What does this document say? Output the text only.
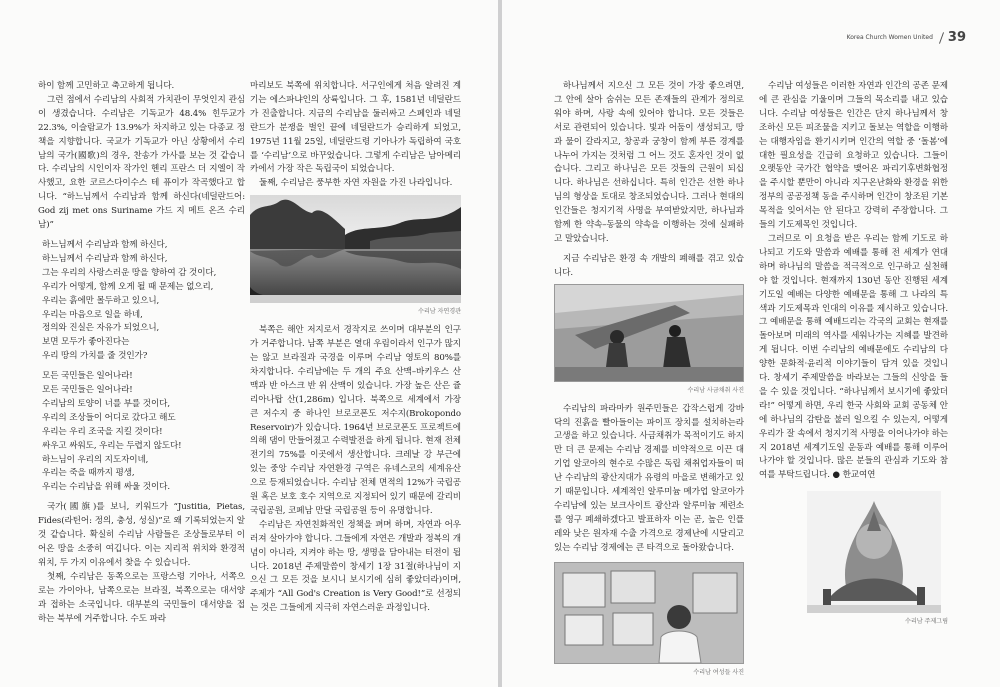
하이 함께 고민하고 축고하게 됩니다.

그런 점에서 수리남의 사회적 가치관이 무엇인지 관심이 생겼습니다. 수리남은 기독교가 48.4% 힌두교가 22.3%, 이슬람교가 13.9%가 차지하고 있는 다종교 정책을 지향합니다. 국교가 기독교가 아닌 상황에서 수리남의 국가(國歌)의 경우, 찬송가 가사를 보는 것 같습니다. 수리남의 시인이자 작가인 헨리 프란스 더 지엘이 작사했고, 요한 코르스다이수스 테 퓨이가 작곡했다고 합니다. “하느님께서 수리남과 함께 하신다(네덜란드어: God zij met ons Suriname 가드 지 메트 온즈 수리남)”

하느님께서 수리남과 함께 하신다,
하느님께서 수리남과 함께 하신다,
그는 우리의 사랑스러운 땅을 향하여 감 것이다,
우리가 어떻게, 함께 오게 될 때 문제는 없으리,
우리는 흙에만 몰두하고 있으니,
우리는 마음으로 일을 하네,
정의와 진실은 자유가 되었으니,
보면 모두가 좋아진다는
우리 땅의 가치를 줄 것인가?
모든 국민들은 일어나라!
모든 국민들은 일어나라!
수리남의 토양이 너를 부를 것이다,
우리의 조상들이 어디로 갔다고 해도
우리는 우리 조국을 지킬 것이다!
싸우고 싸워도, 우리는 두렵지 않도다!
하느님이 우리의 지도자이네,
우리는 죽을 때까지 평생,
우리는 수리남을 위해 싸울 것이다.

국가(國旗)를 보니, 키워드가 “Justitia, Pietas, Fides(라틴어: 정의, 충성, 성실)”로 왜 기록되었는지 알 것 같습니다. 확실히 수리남 사람들은 조상들로부터 이어온 땅을 소중히 여깁니다. 이는 지리적 위치와 환경적 위치, 두 가지 이유에서 찾을 수 있습니다.

첫째, 수리남은 동쪽으로는 프랑스령 기아나, 서쪽으로는 가이아나, 남쪽으로는 브라질, 북쪽으로는 대서양과 접하는 소국입니다. 대부분의 국민들이 대서양을 접하는 북부에 거주합니다. 수도 파라

마리보도 북쪽에 위치합니다. 서구인에게 처음 알려진 계기는 에스파냐인의 상륙입니다. 그 후, 1581년 네덜란드가 진출합니다. 지금의 수리남을 둘러싸고 스페인과 네덜란드가 분쟁을 벌인 끝에 네덜란드가 승리하게 되었고, 1975년 11월 25일, 네덜란드령 기아나가 독립하여 국호를 ‘수리남’으로 바꾸었습니다. 그렇게 수리남은 남아메리카에서 가장 작은 독립국이 되었습니다.

둘째, 수리남은 풍부한 자연 자원을 가진 나라입니다.

수리남 자연경관

북쪽은 해안 저지로서 경작지로 쓰이며 대부분의 인구가 거주합니다. 남쪽 부분은 열대 우림이라서 인구가 많지는 않고 브라질과 국경을 이루며 수리남 영토의 80%를 차지합니다. 수리남에는 두 개의 주요 산맥–바키우스 산맥과 반 아스크 반 위 산맥이 있습니다. 가장 높은 산은 쥴리아나탑 산(1,286m) 입니다. 북쪽으로 세계에서 가장 큰 저수지 중 하나인 브로코폰도 저수지(Brokopondo Reservoir)가 있습니다. 1964년 브로코폰도 프로젝트에 의해 댐이 만들어졌고 수력발전을 하게 됩니다. 현재 전체 전기의 75%를 이곳에서 생산합니다. 크레날 강 부근에 있는 중앙 수리남 자연환경 구역은 유네스코의 세계유산으로 등재되었습니다. 수리남 전체 면적의 12%가 국립공원 혹은 보호 호수 지역으로 지정되어 있기 때문에 갈리비 국립공원, 코페남 만달 국립공원 등이 유명합니다.

수리남은 자연친화적인 정책을 펴며 하며, 자연과 어우러져 살아가야 합니다. 그들에게 자연은 개발과 정복의 개념이 아니라, 지켜야 하는 땅, 생명을 담아내는 터전이 됩니다. 2018년 주제말씀이 창세기 1장 31절(하나님이 지으신 그 모든 것을 보시니 보시기에 심히 좋았더라)이며, 주제가 “All God's Creation is Very Good!”로 선정되는 것은 그들에게 지극히 자연스러운 과정입니다.

Korea Church Women United 39

하나님께서 지으신 그 모든 것이 가장 좋으려면, 그 안에 살아 숨쉬는 모든 존재들의 관계가 정의로워야 하며, 사랑 속에 있어야 합니다. 모든 것들은 서로 관련되어 있습니다. 빛과 어둠이 생성되고, 땅과 물이 갈라지고, 창공과 궁창이 함께 부른 경계를 나누어 가지는 것처럼 그 어느 것도 혼자인 것이 없습니다. 그리고 하나님은 모든 것들의 근원이 되십니다. 하나님은 선하십니다. 특히 인간은 선한 하나님의 형상을 토대로 창조되었습니다. 그러나 현대의 인간들은 청지기적 사명을 부여받았지만, 하나님과 함께 한 약속–동물의 약속을 이행하는 것에 실패하고 말았습니다.

지금 수리남은 환경 속 개발의 폐해를 겪고 있습니다.

수리남 사금채취 사진

수리남의 파라마카 원주민들은 갑작스럽게 강바닥의 진흙을 빨아들이는 파이프 장치를 설치하는라 고생을 하고 있습니다. 사금채취가 목적이기도 하지만 더 큰 문제는 수리남 경제를 비약적으로 이끈 대기업 알코아의 현수로 수많은 독립 채취업자들이 떠난 수리남의 광산지대가 유령의 마을로 변해가고 있기 때문입니다. 세계적인 알루미늄 메가업 알코아가 수리남에 있는 보크사이트 광산과 알루미늄 제련소를 영구 폐쇄하겠다고 발표하자 이는 곧, 높은 인플레와 낮은 원자재 수출 가격으로 경제난에 시달리고 있는 수리남 경제에는 큰 타격으로 돌아왔습니다.

수리남 여성들 사진

수리남 여성들은 이러한 자연과 인간의 공존 문제에 큰 관심을 기울이며 그들의 목소리를 내고 있습니다. 수리남 여성들은 인간은 단지 하나님께서 창조하신 모든 피조물을 지키고 돌보는 역할을 이행하는 대행자임을 환기시키며 인간의 역할 중 ‘돌봄’에 대한 필요성을 긴급히 요청하고 있습니다. 그들이 오랫동안 국가간 협약을 맺어온 파리기후변화협정을 주시할 뿐만이 아니라 지구온난화와 환경을 위한 정부의 공공정책 동을 주시하며 인간이 창조된 기본 목적을 잊어서는 안 된다고 강력히 주장합니다. 그들의 기도제목인 것입니다.

그러므로 이 요청을 받은 우리는 함께 기도로 하나되고 기도와 말씀과 예배를 통해 전 세계가 연대하며 하나님의 말씀을 적극적으로 인구하고 실천해야 할 것입니다. 현재까지 130년 동안 진행된 세계기도일 예배는 다양한 예배문을 통해 그 나라의 특색과 기도제목과 인대의 이유를 제시하고 있습니다. 그 예배문을 통해 예배드리는 각국의 교회는 현재를 돌아보며 미래의 역사를 세워나가는 지혜를 발견하게 됩니다. 이번 수리남의 예배문에도 수리남의 다양한 문화적·윤리적 이야기들이 담겨 있을 것입니다. 창세기 주제말씀을 바라보는 그들의 신앙을 들을 수 있을 것입니다. “하나님께서 보시기에 좋았더라!” 어떻게 하면, 우리 한국 사회와 교회 공동체 안에 하나님의 감탄을 불러 일으킬 수 있는지, 어떻게 우리가 잘 속에서 청지기적 사명을 이어나가야 하는지 2018년 세계기도일 운동과 예배를 통해 이루어나가야 할 것입니다. 많은 분들의 관심과 기도와 참여를 부탁드립니다. ● 한교여연

수리남 주제그림
